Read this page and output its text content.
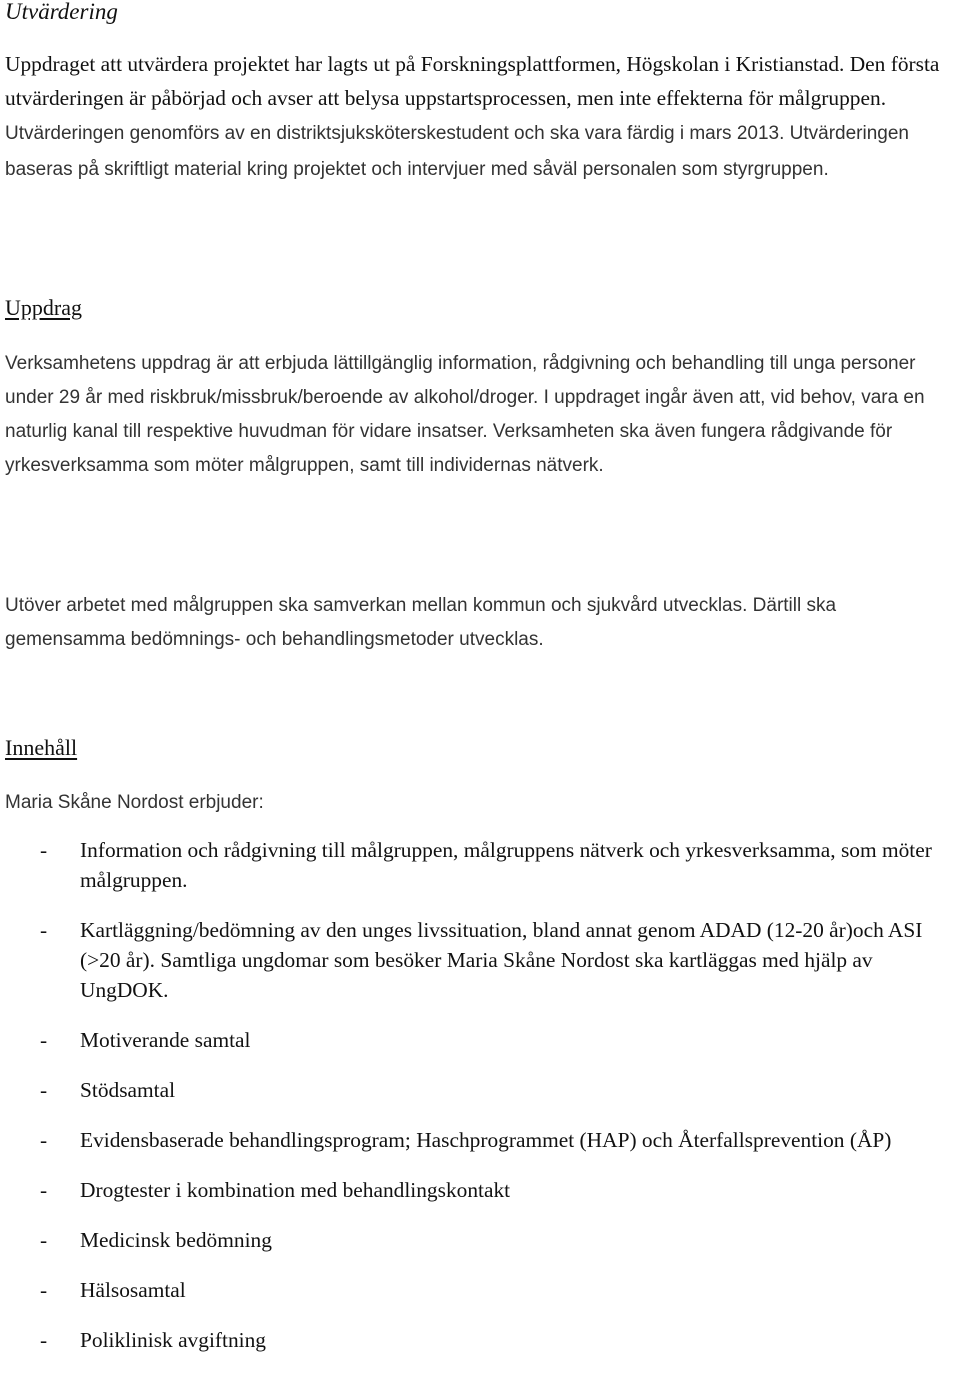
Utvärdering

Uppdraget att utvärdera projektet har lagts ut på Forskningsplattformen, Högskolan i Kristianstad. Den första utvärderingen är påbörjad och avser att belysa uppstartsprocessen, men inte effekterna för målgruppen. Utvärderingen genomförs av en distriktsjuksköterskestudent och ska vara färdig i mars 2013. Utvärderingen baseras på skriftligt material kring projektet och intervjuer med såväl personalen som styrgruppen.

Uppdrag

Verksamhetens uppdrag är att erbjuda lättillgänglig information, rådgivning och behandling till unga personer under 29 år med riskbruk/missbruk/beroende av alkohol/droger. I uppdraget ingår även att, vid behov, vara en naturlig kanal till respektive huvudman för vidare insatser. Verksamheten ska även fungera rådgivande för yrkesverksamma som möter målgruppen, samt till individernas nätverk.

Utöver arbetet med målgruppen ska samverkan mellan kommun och sjukvård utvecklas. Därtill ska gemensamma bedömnings- och behandlingsmetoder utvecklas.

Innehåll

Maria Skåne Nordost erbjuder:

- Information och rådgivning till målgruppen, målgruppens nätverk och yrkesverksamma, som möter målgruppen.
- Kartläggning/bedömning av den unges livssituation, bland annat genom ADAD (12-20 år)och ASI (>20 år). Samtliga ungdomar som besöker Maria Skåne Nordost ska kartläggas med hjälp av UngDOK.
- Motiverande samtal
- Stödsamtal
- Evidensbaserade behandlingsprogram; Haschprogrammet (HAP) och Återfallsprevention (ÅP)
- Drogtester i kombination med behandlingskontakt
- Medicinsk bedömning
- Hälsosamtal
- Poliklinisk avgiftning
